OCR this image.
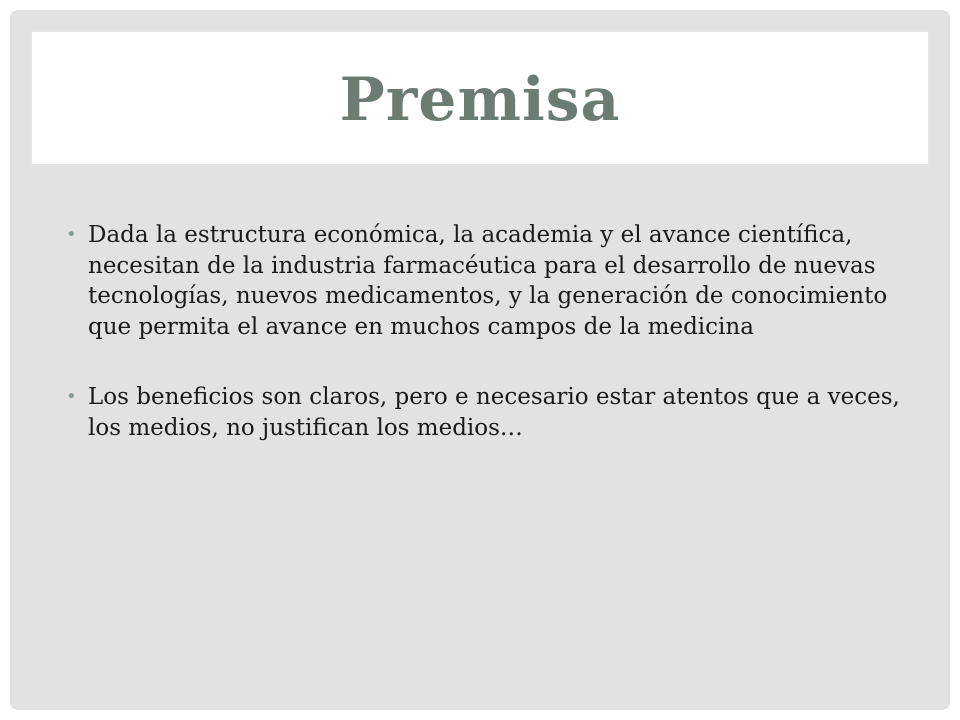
Premisa
• Dada la estructura económica, la academia y el avance científica, necesitan de la industria farmacéutica para el desarrollo de nuevas tecnologías, nuevos medicamentos, y la generación de conocimiento que permita el avance en muchos campos de la medicina
• Los beneficios son claros, pero e necesario estar atentos que a veces, los medios, no justifican los medios…
